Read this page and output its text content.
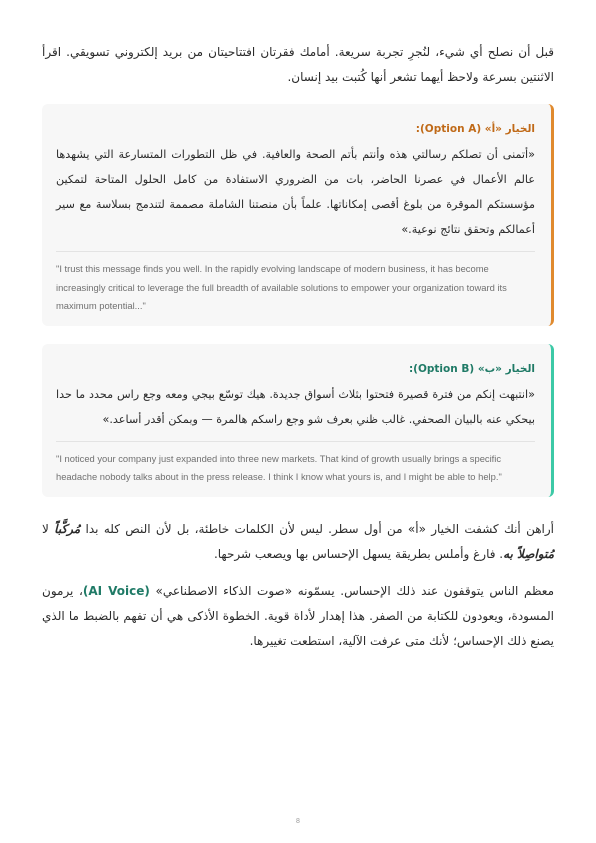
قبل أن نصلح أي شيء، لنُجرِ تجربة سريعة. أمامك فقرتان افتتاحيتان من بريد إلكتروني تسويقي. اقرأ الاثنتين بسرعة ولاحظ أيهما تشعر أنها كُتبت بيد إنسان.

الخيار «أ» (Option A):

«أتمنى أن تصلكم رسالتي هذه وأنتم بأتم الصحة والعافية. في ظل التطورات المتسارعة التي يشهدها عالم الأعمال في عصرنا الحاضر، بات من الضروري الاستفادة من كامل الحلول المتاحة لتمكين مؤسستكم الموقرة من بلوغ أقصى إمكاناتها. علماً بأن منصتنا الشاملة مصممة لتندمج بسلاسة مع سير أعمالكم وتحقق نتائج نوعية.»

"I trust this message finds you well. In the rapidly evolving landscape of modern business, it has become increasingly critical to leverage the full breadth of available solutions to empower your organization toward its maximum potential..."

الخيار «ب» (Option B):

«انتبهت إنكم من فترة قصيرة فتحتوا بثلاث أسواق جديدة. هيك توسّع بيجي ومعه وجع راس محدد ما حدا بيحكي عنه بالبيان الصحفي. غالب ظني بعرف شو وجع راسكم هالمرة — وبمكن أقدر أساعد.»

"I noticed your company just expanded into three new markets. That kind of growth usually brings a specific headache nobody talks about in the press release. I think I know what yours is, and I might be able to help."

أراهن أنك كشفت الخيار «أ» من أول سطر. ليس لأن الكلمات خاطئة، بل لأن النص كله بدا مُركَّباً لا مُتواصِلاً به. فارغ وأملس بطريقة يسهل الإحساس بها ويصعب شرحها.

معظم الناس يتوقفون عند ذلك الإحساس. يسمّونه «صوت الذكاء الاصطناعي» (AI Voice)، يرمون المسودة، ويعودون للكتابة من الصفر. هذا إهدار لأداة قوية. الخطوة الأذكى هي أن تفهم بالضبط ما الذي يصنع ذلك الإحساس؛ لأنك متى عرفت الآلية، استطعت تغييرها.

8
